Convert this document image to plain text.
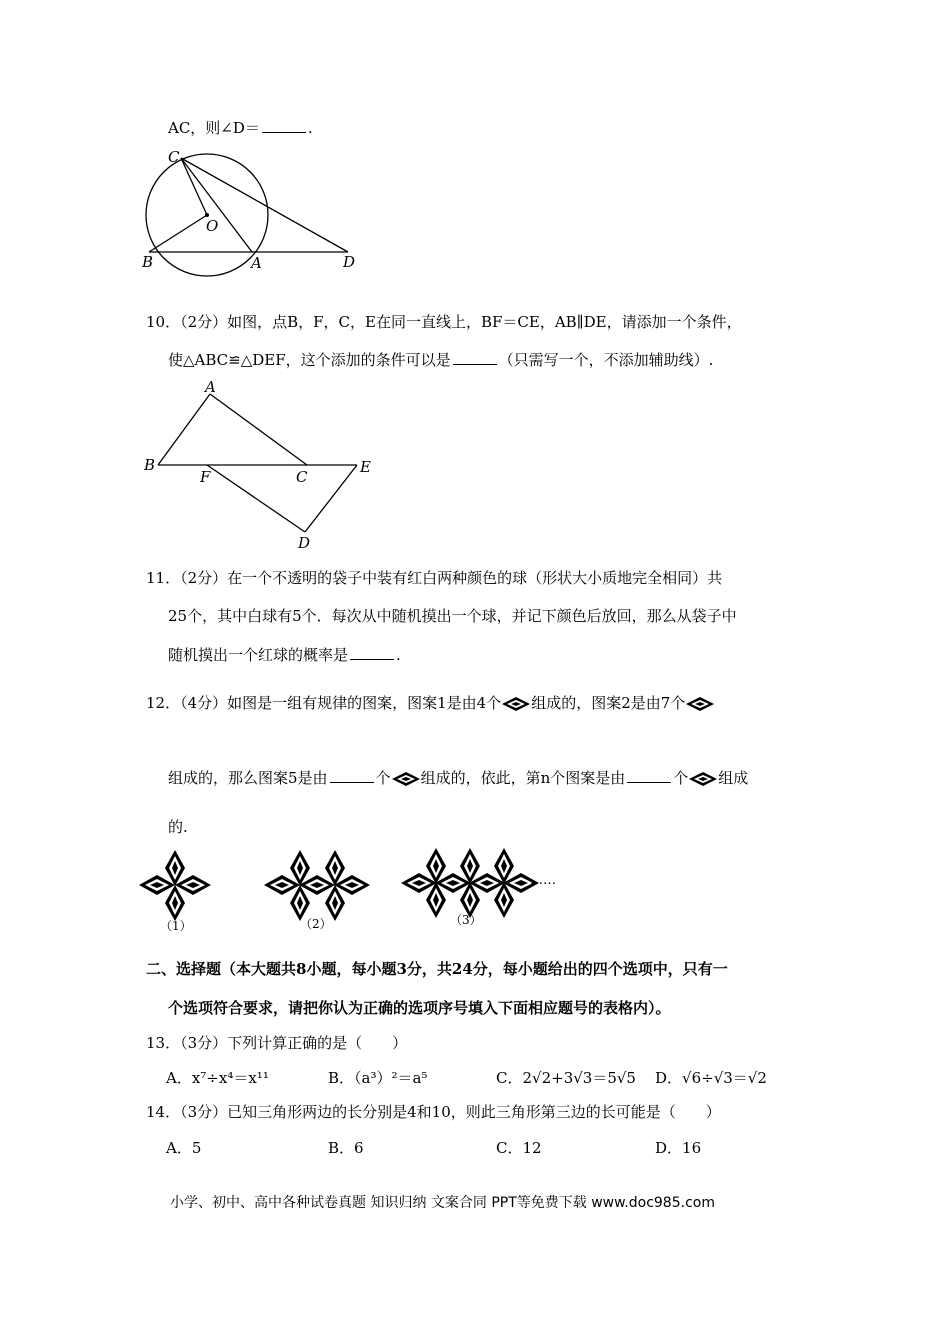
AC，则∠D＝	.
C
O
B	A	D
10．（2分）如图，点B，F，C，E在同一直线上，BF＝CE，AB∥DE，请添加一个条件，
使△ABC≌△DEF，这个添加的条件可以是	（只需写一个，不添加辅助线）.
A
B
F	C
E
D
11．（2分）在一个不透明的袋子中装有红白两种颜色的球（形状大小质地完全相同）共
25个，其中白球有5个．每次从中随机摸出一个球，并记下颜色后放回，那么从袋子中
随机摸出一个红球的概率是	.
12．（4分）如图是一组有规律的图案，图案1是由4个 组成的，图案2是由7个
组成的，那么图案5是由	个 组成的，依此，第n个图案是由	个 组成
的.
……
（1）	（2）	（3）
二、选择题（本大题共8小题，每小题3分，共24分，每小题给出的四个选项中，只有一
个选项符合要求，请把你认为正确的选项序号填入下面相应题号的表格内）。
13．（3分）下列计算正确的是（　　）
A．x⁷÷x⁴＝x¹¹	B．（a³）²＝a⁵	C．2√2+3√3＝5√5 D．√6÷√3＝√2
14．（3分）已知三角形两边的长分别是4和10，则此三角形第三边的长可能是（　　）
A．5	B．6	C．12	D．16
小学、初中、高中各种试卷真题 知识归纳 文案合同 PPT等免费下载 www.doc985.com
